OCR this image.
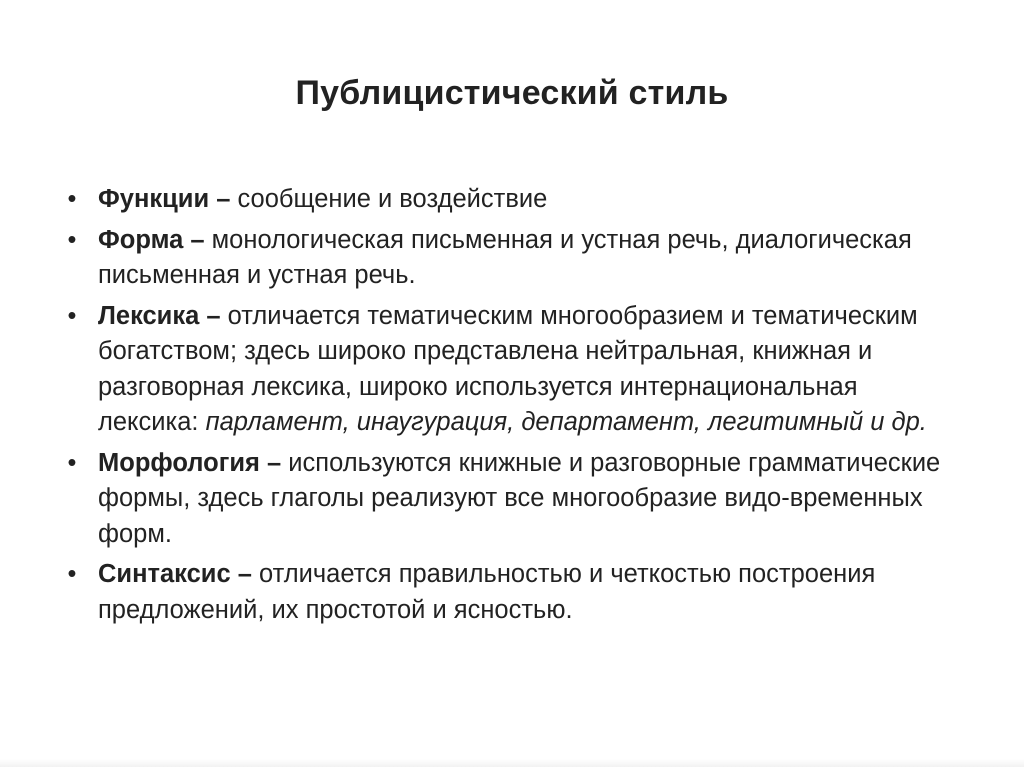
Публицистический стиль
• Функции – сообщение и воздействие
• Форма – монологическая письменная и устная речь, диалогическая письменная и устная речь.
• Лексика – отличается тематическим многообразием и тематическим богатством; здесь широко представлена нейтральная, книжная и разговорная лексика, широко используется интернациональная лексика: парламент, инаугурация, департамент, легитимный и др.
• Морфология – используются книжные и разговорные грамматические формы, здесь глаголы реализуют все многообразие видо-временных форм.
• Синтаксис – отличается правильностью и четкостью построения предложений, их простотой и ясностью.
